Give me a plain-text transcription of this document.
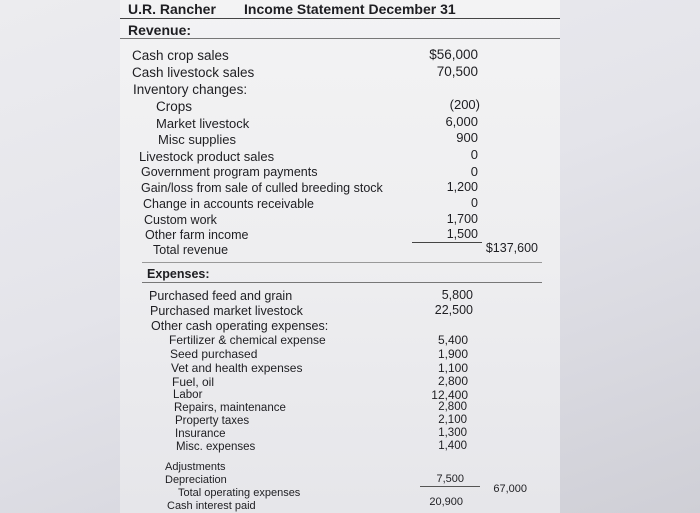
U.R. Rancher Income Statement December 31
Revenue:
Cash crop sales	$56,000
Cash livestock sales	70,500
Inventory changes:
Crops	(200)
Market livestock	6,000
Misc supplies	900
Livestock product sales	0
Government program payments	0
Gain/loss from sale of culled breeding stock	1,200
Change in accounts receivable	0
Custom work	1,700
Other farm income	1,500
Total revenue	$137,600
Expenses:
Purchased feed and grain	5,800
Purchased market livestock	22,500
Other cash operating expenses:
Fertilizer & chemical expense	5,400
Seed purchased	1,900
Vet and health expenses	1,100
Fuel, oil	2,800
Labor	12,400
Repairs, maintenance	2,800
Property taxes	2,100
Insurance	1,300
Misc. expenses	1,400
Adjustments
Depreciation	7,500
Total operating expenses	67,000
Cash interest paid	20,900
